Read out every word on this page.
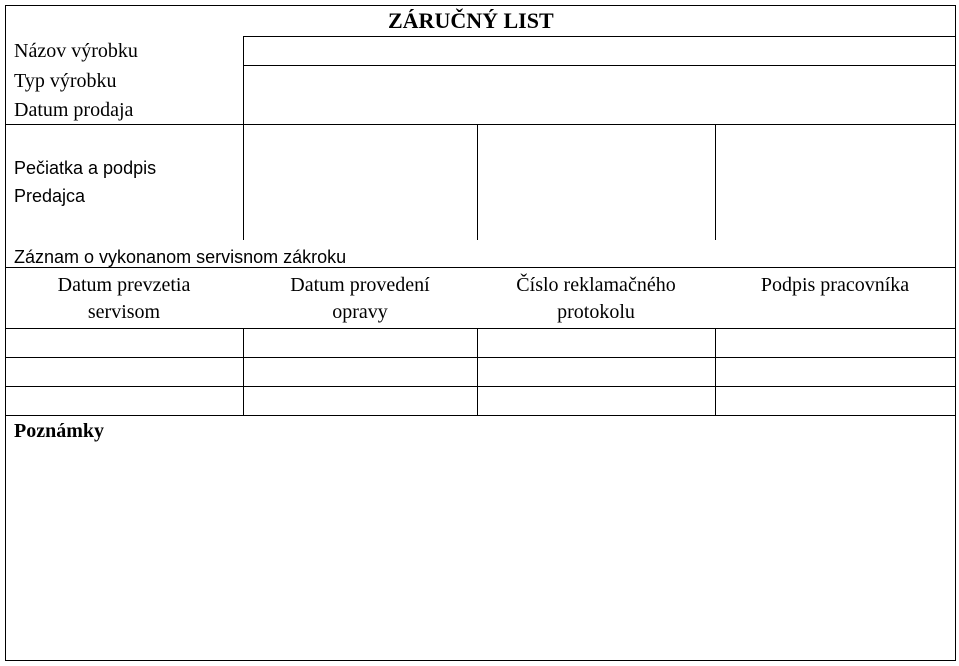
ZÁRUČNÝ LIST
Názov výrobku
Typ výrobku
Datum prodaja
Pečiatka a podpis
Predajca
Záznam o vykonanom servisnom zákroku
Datum prevzetia
servisom
Datum provedení
opravy
Číslo reklamačného
protokolu
Podpis pracovníka
Poznámky
